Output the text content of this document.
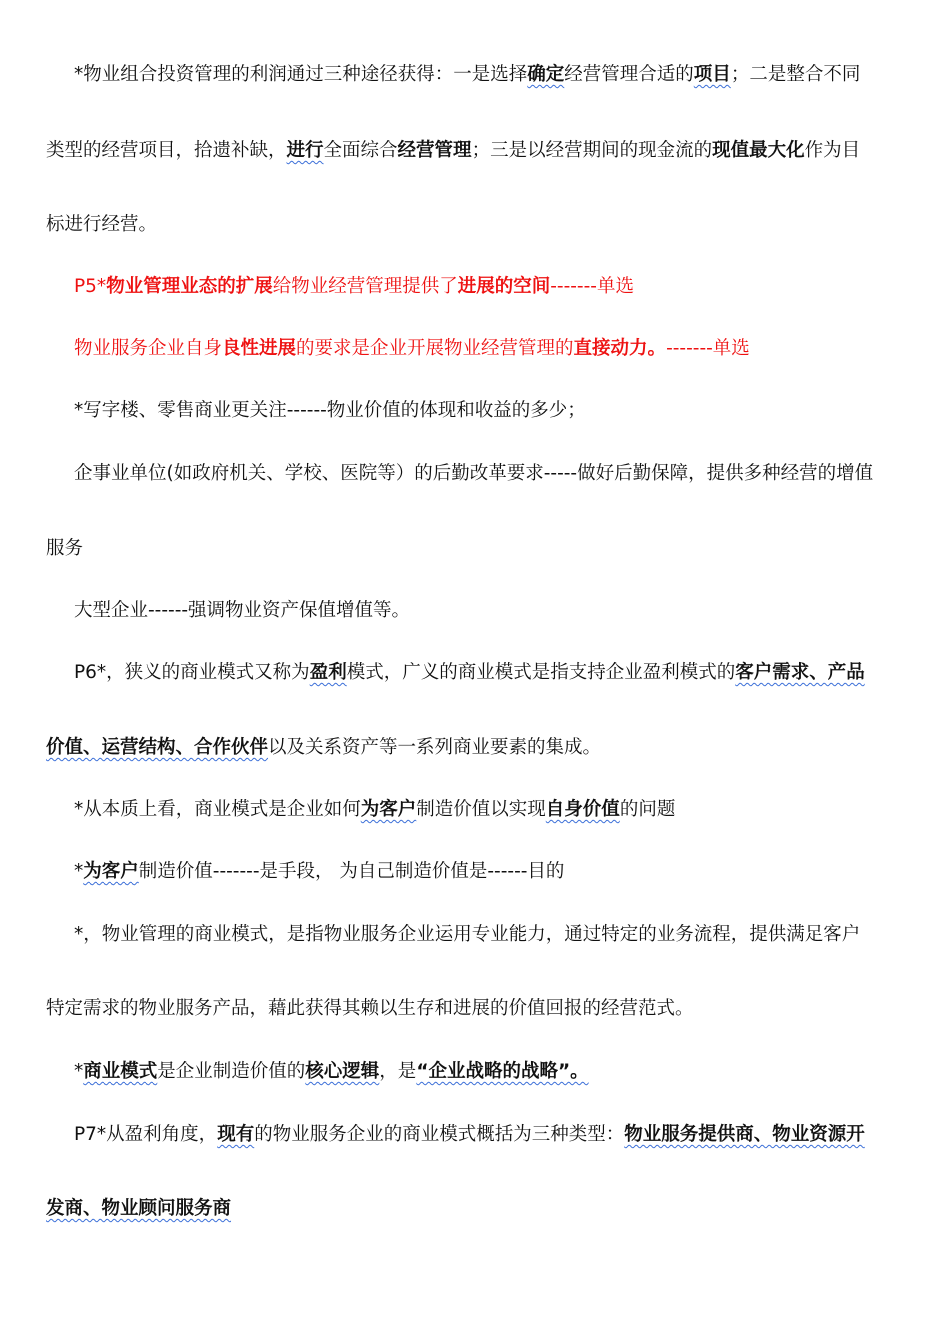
*物业组合投资管理的利润通过三种途径获得：一是选择确定经营管理合适的项目；二是整合不同
类型的经营项目，拾遗补缺，进行全面综合经营管理；三是以经营期间的现金流的现值最大化作为目
标进行经营。
P5*物业管理业态的扩展给物业经营管理提供了进展的空间-------单选
物业服务企业自身良性进展的要求是企业开展物业经营管理的直接动力。-------单选
*写字楼、零售商业更关注------物业价值的体现和收益的多少；
企事业单位(如政府机关、学校、医院等）的后勤改革要求-----做好后勤保障，提供多种经营的增值
服务
大型企业------强调物业资产保值增值等。
P6*，狭义的商业模式又称为盈利模式，广义的商业模式是指支持企业盈利模式的客户需求、产品
价值、运营结构、合作伙伴以及关系资产等一系列商业要素的集成。
*从本质上看，商业模式是企业如何为客户制造价值以实现自身价值的问题
*为客户制造价值-------是手段， 为自己制造价值是------目的
*，物业管理的商业模式，是指物业服务企业运用专业能力，通过特定的业务流程，提供满足客户
特定需求的物业服务产品，藉此获得其赖以生存和进展的价值回报的经营范式。
*商业模式是企业制造价值的核心逻辑，是“企业战略的战略”。
P7*从盈利角度，现有的物业服务企业的商业模式概括为三种类型：物业服务提供商、物业资源开
发商、物业顾问服务商
